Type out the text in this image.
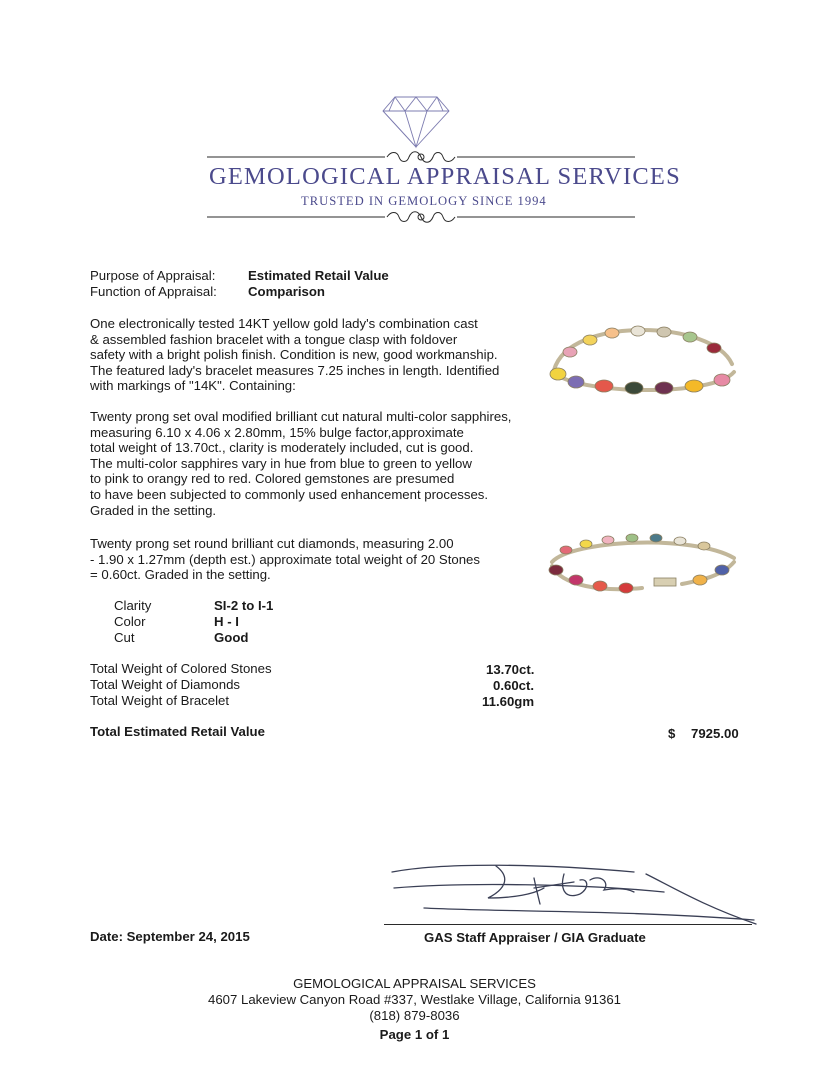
GEMOLOGICAL APPRAISAL SERVICES
TRUSTED IN GEMOLOGY SINCE 1994
Purpose of Appraisal: Estimated Retail Value
Function of Appraisal: Comparison
One electronically tested 14KT yellow gold lady's combination cast
& assembled fashion bracelet with a tongue clasp with foldover
safety with a bright polish finish. Condition is new, good workmanship.
The featured lady's bracelet measures 7.25 inches in length. Identified
with markings of "14K". Containing:
Twenty prong set oval modified brilliant cut natural multi-color sapphires,
measuring 6.10 x 4.06 x 2.80mm, 15% bulge factor,approximate
total weight of 13.70ct., clarity is moderately included, cut is good.
The multi-color sapphires vary in hue from blue to green to yellow
to pink to orangy red to red. Colored gemstones are presumed
to have been subjected to commonly used enhancement processes.
Graded in the setting.
Twenty prong set round brilliant cut diamonds, measuring 2.00
- 1.90 x 1.27mm (depth est.) approximate total weight of 20 Stones
= 0.60ct. Graded in the setting.
Clarity	SI-2 to I-1
Color	H - I
Cut	Good
Total Weight of Colored Stones	13.70ct.
Total Weight of Diamonds	0.60ct.
Total Weight of Bracelet	11.60gm
Total Estimated Retail Value	$ 7925.00
Date: September 24, 2015	GAS Staff Appraiser / GIA Graduate
GEMOLOGICAL APPRAISAL SERVICES
4607 Lakeview Canyon Road #337, Westlake Village, California 91361
(818) 879-8036
Page 1 of 1
